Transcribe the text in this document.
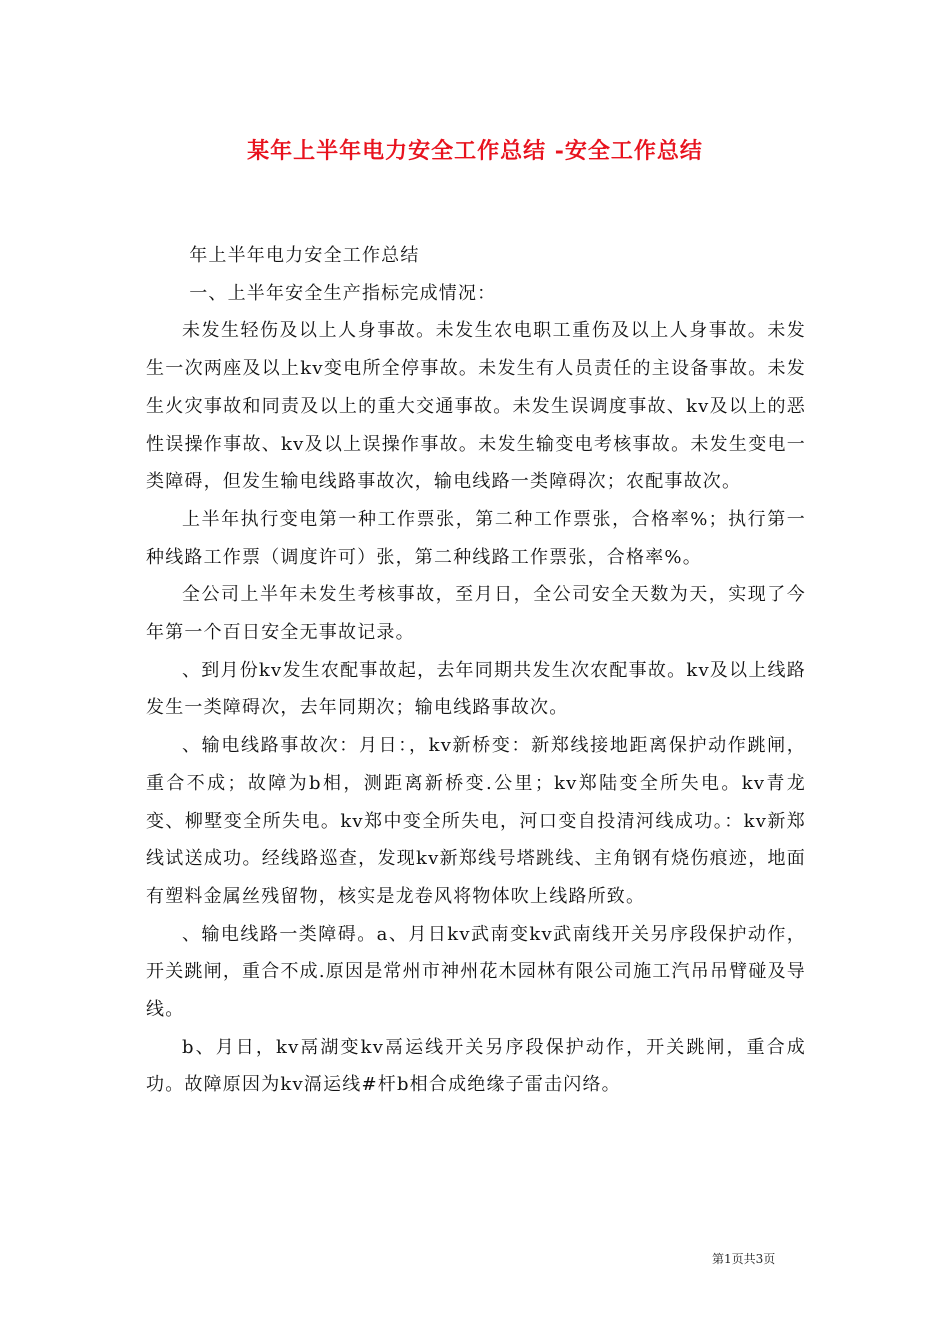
某年上半年电力安全工作总结 -安全工作总结

年上半年电力安全工作总结

一、上半年安全生产指标完成情况：

未发生轻伤及以上人身事故。未发生农电职工重伤及以上人身事故。未发生一次两座及以上kv变电所全停事故。未发生有人员责任的主设备事故。未发生火灾事故和同责及以上的重大交通事故。未发生误调度事故、kv及以上的恶性误操作事故、kv及以上误操作事故。未发生输变电考核事故。未发生变电一类障碍，但发生输电线路事故次，输电线路一类障碍次；农配事故次。

上半年执行变电第一种工作票张，第二种工作票张，合格率%；执行第一种线路工作票（调度许可）张，第二种线路工作票张，合格率%。

全公司上半年未发生考核事故，至月日，全公司安全天数为天，实现了今年第一个百日安全无事故记录。

、到月份kv发生农配事故起，去年同期共发生次农配事故。kv及以上线路发生一类障碍次，去年同期次；输电线路事故次。

、输电线路事故次：月日：，kv新桥变：新郑线接地距离保护动作跳闸，重合不成；故障为b相，测距离新桥变.公里；kv郑陆变全所失电。kv青龙变、柳墅变全所失电。kv郑中变全所失电，河口变自投清河线成功。：kv新郑线试送成功。经线路巡查，发现kv新郑线号塔跳线、主角钢有烧伤痕迹，地面有塑料金属丝残留物，核实是龙卷风将物体吹上线路所致。

、输电线路一类障碍。a、月日kv武南变kv武南线开关另序段保护动作，开关跳闸，重合不成.原因是常州市神州花木园林有限公司施工汽吊吊臂碰及导线。

b、月日，kv鬲湖变kv鬲运线开关另序段保护动作，开关跳闸，重合成功。故障原因为kv滆运线#杆b相合成绝缘子雷击闪络。

第1页共3页
